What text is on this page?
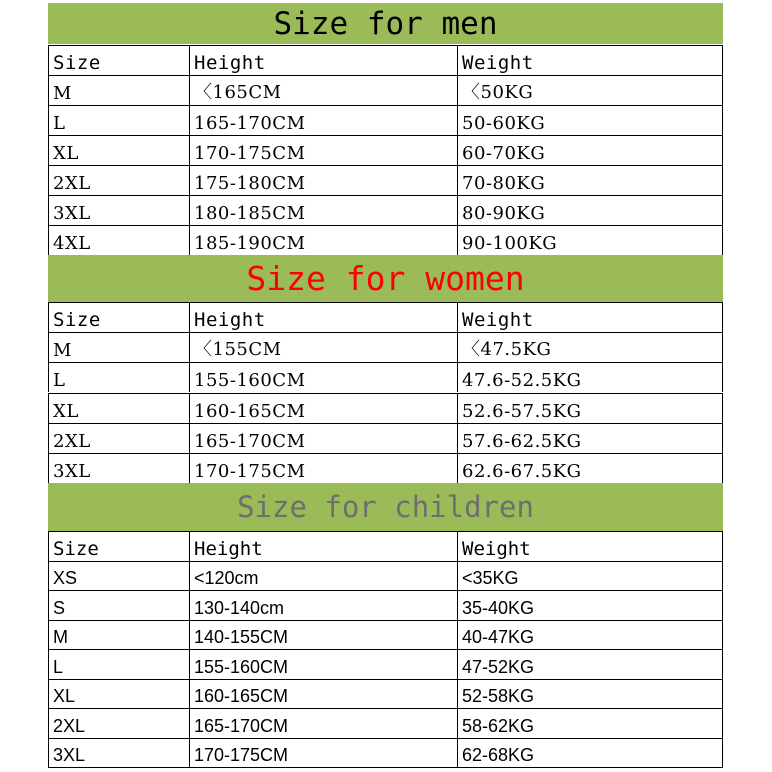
Size for men
Size	Height	Weight
M	〈165CM	〈50KG
L	165-170CM	50-60KG
XL	170-175CM	60-70KG
2XL	175-180CM	70-80KG
3XL	180-185CM	80-90KG
4XL	185-190CM	90-100KG
Size for women
Size	Height	Weight
M	〈155CM	〈47.5KG
L	155-160CM	47.6-52.5KG
XL	160-165CM	52.6-57.5KG
2XL	165-170CM	57.6-62.5KG
3XL	170-175CM	62.6-67.5KG
Size for children
Size	Height	Weight
XS	<120cm	<35KG
S	130-140cm	35-40KG
M	140-155CM	40-47KG
L	155-160CM	47-52KG
XL	160-165CM	52-58KG
2XL	165-170CM	58-62KG
3XL	170-175CM	62-68KG
